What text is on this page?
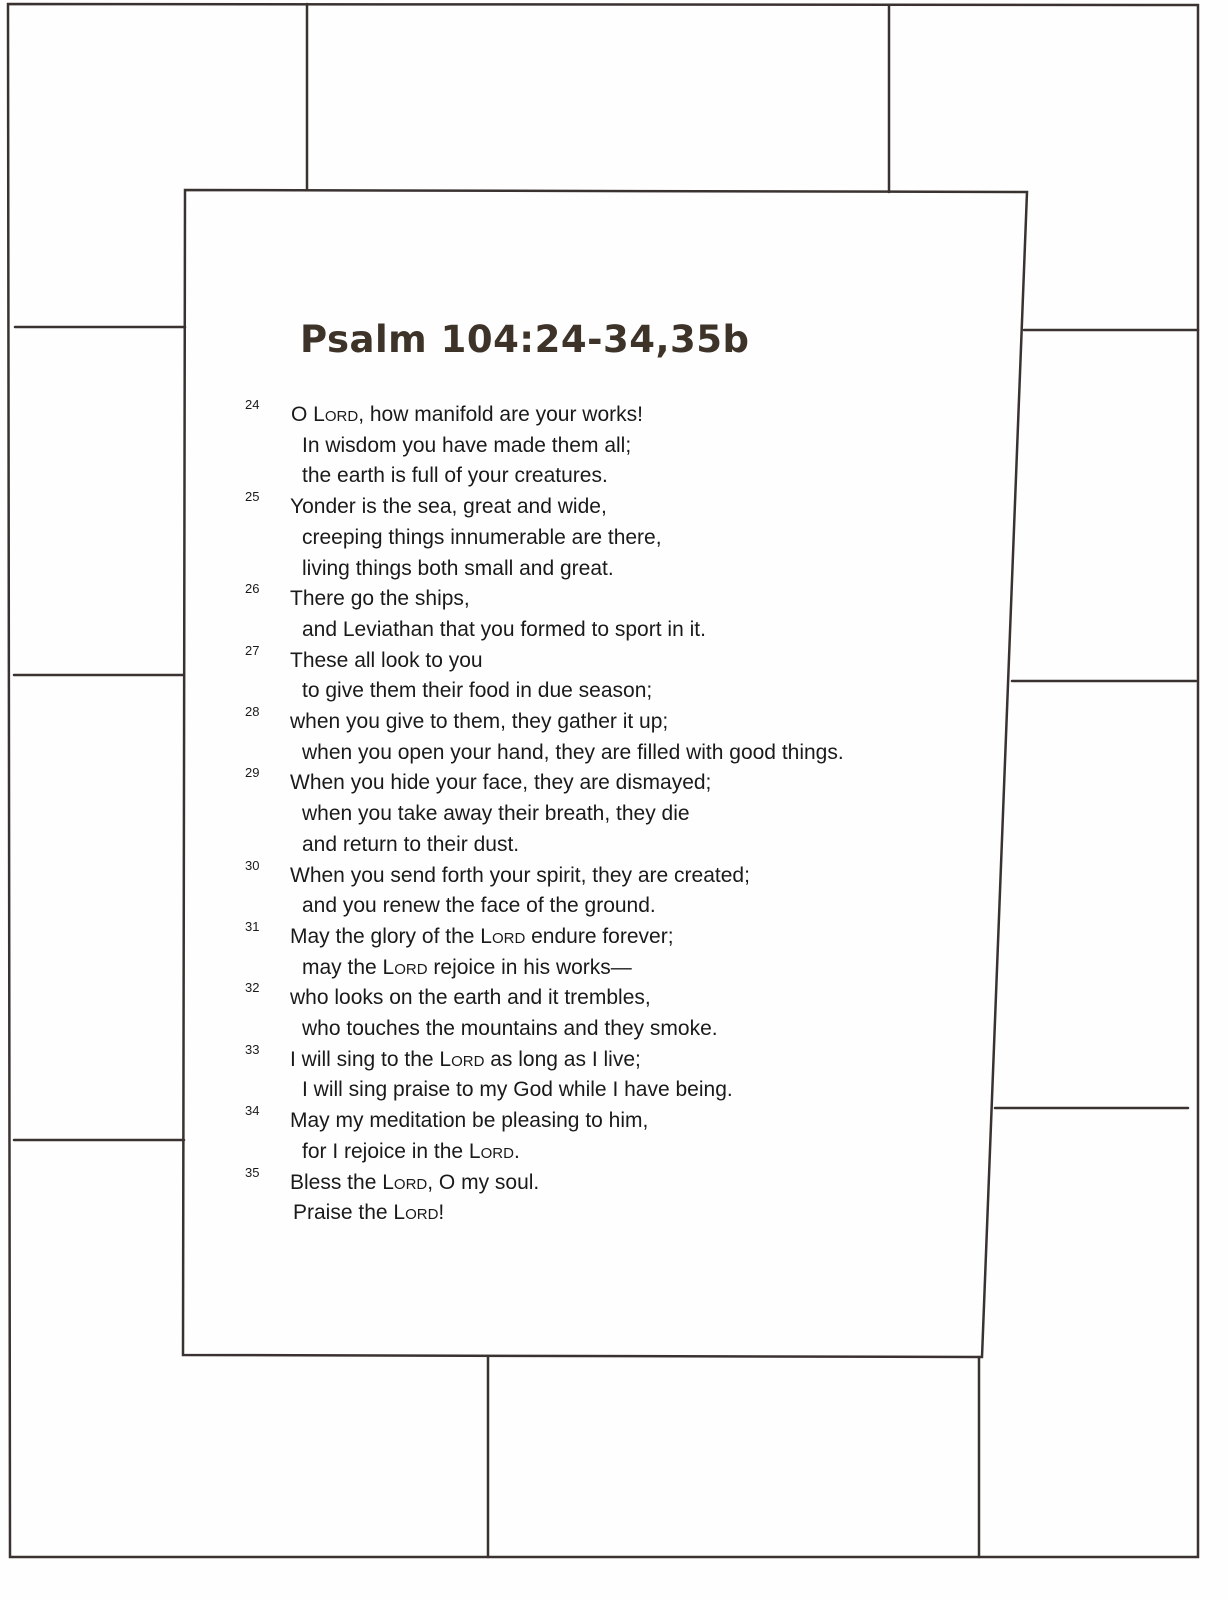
Psalm 104:24-34,35b
24 O Lord, how manifold are your works!
In wisdom you have made them all;
the earth is full of your creatures.
25 Yonder is the sea, great and wide,
creeping things innumerable are there,
living things both small and great.
26 There go the ships,
and Leviathan that you formed to sport in it.
27 These all look to you
to give them their food in due season;
28 when you give to them, they gather it up;
when you open your hand, they are filled with good things.
29 When you hide your face, they are dismayed;
when you take away their breath, they die
and return to their dust.
30 When you send forth your spirit, they are created;
and you renew the face of the ground.
31 May the glory of the Lord endure forever;
may the Lord rejoice in his works—
32 who looks on the earth and it trembles,
who touches the mountains and they smoke.
33 I will sing to the Lord as long as I live;
I will sing praise to my God while I have being.
34 May my meditation be pleasing to him,
for I rejoice in the Lord.
35 Bless the Lord, O my soul.
Praise the Lord!
